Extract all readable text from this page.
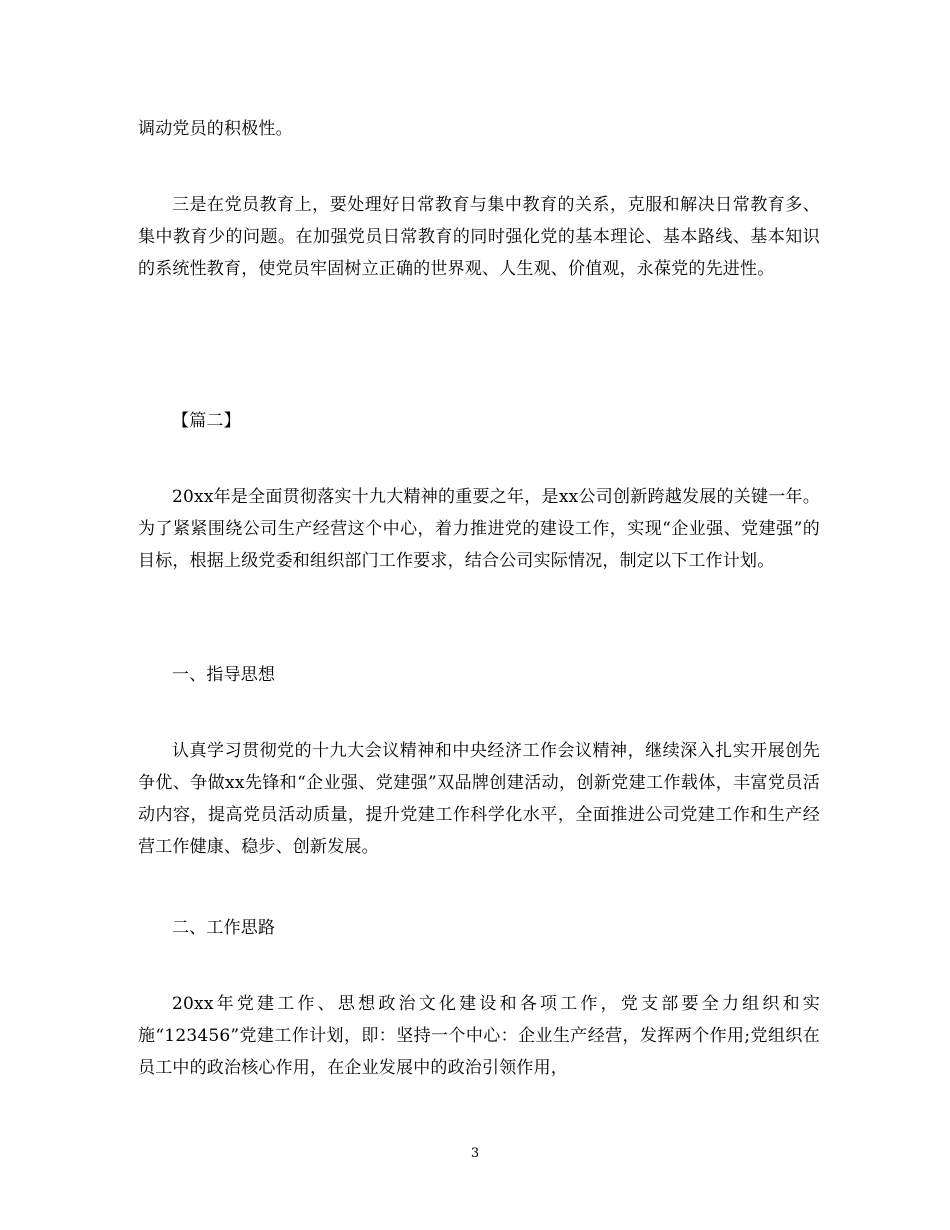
调动党员的积极性。

三是在党员教育上，要处理好日常教育与集中教育的关系，克服和解决日常教育多、集中教育少的问题。在加强党员日常教育的同时强化党的基本理论、基本路线、基本知识的系统性教育，使党员牢固树立正确的世界观、人生观、价值观，永葆党的先进性。

【篇二】

20xx年是全面贯彻落实十九大精神的重要之年，是xx公司创新跨越发展的关键一年。为了紧紧围绕公司生产经营这个中心，着力推进党的建设工作，实现“企业强、党建强”的目标，根据上级党委和组织部门工作要求，结合公司实际情况，制定以下工作计划。

一、指导思想

认真学习贯彻党的十九大会议精神和中央经济工作会议精神，继续深入扎实开展创先争优、争做xx先锋和“企业强、党建强”双品牌创建活动，创新党建工作载体，丰富党员活动内容，提高党员活动质量，提升党建工作科学化水平，全面推进公司党建工作和生产经营工作健康、稳步、创新发展。

二、工作思路

20xx年党建工作、思想政治文化建设和各项工作，党支部要全力组织和实施“123456”党建工作计划，即：坚持一个中心：企业生产经营，发挥两个作用;党组织在员工中的政治核心作用，在企业发展中的政治引领作用，

3
